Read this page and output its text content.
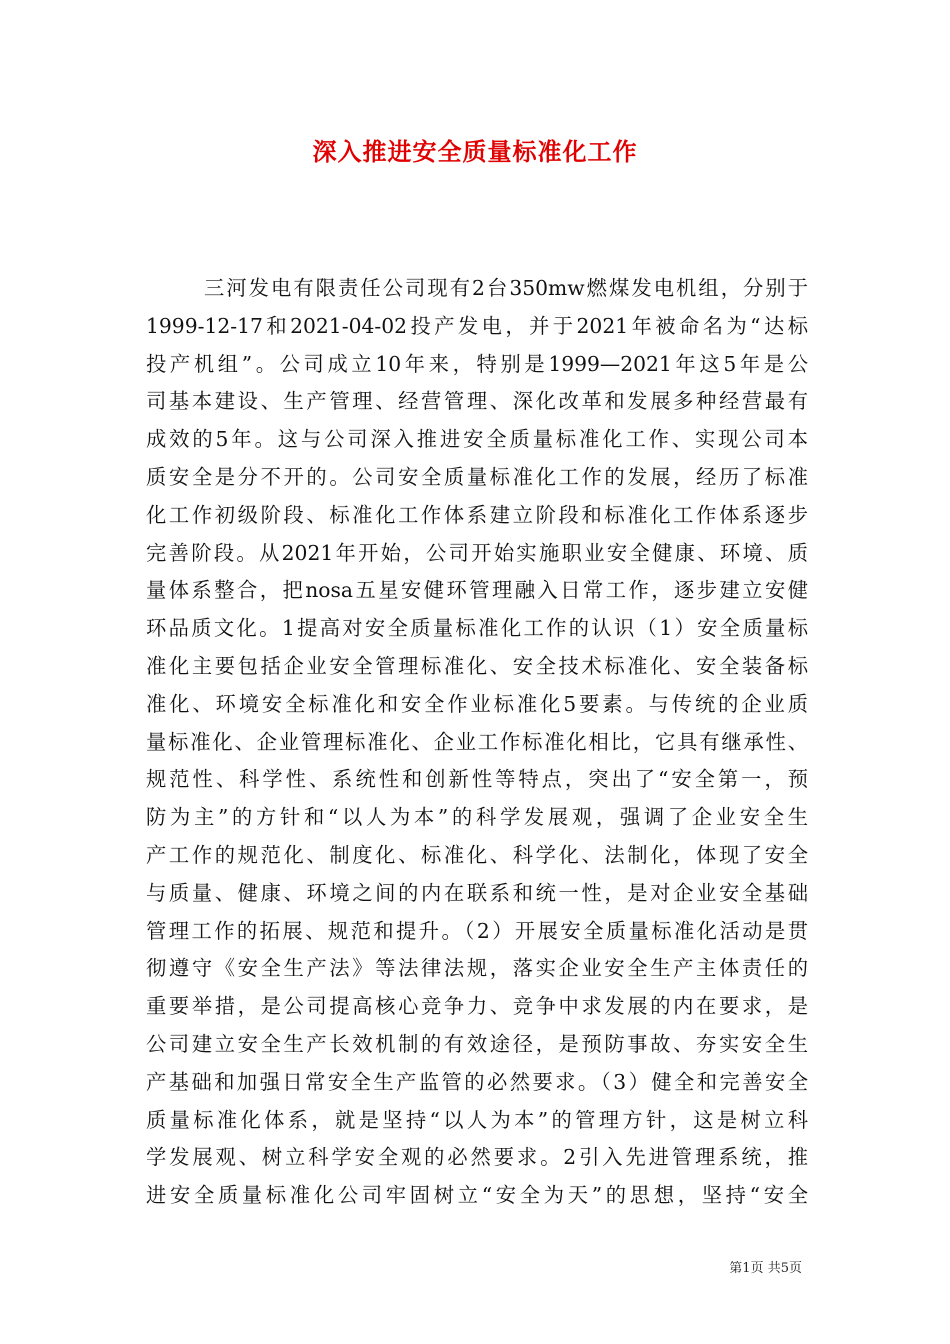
深入推进安全质量标准化工作
三河发电有限责任公司现有2台350mw燃煤发电机组，分别于
1999-12-17和2021-04-02投产发电，并于2021年被命名为“达标
投产机组”。公司成立10年来，特别是1999—2021年这5年是公
司基本建设、生产管理、经营管理、深化改革和发展多种经营最有
成效的5年。这与公司深入推进安全质量标准化工作、实现公司本
质安全是分不开的。公司安全质量标准化工作的发展，经历了标准
化工作初级阶段、标准化工作体系建立阶段和标准化工作体系逐步
完善阶段。从2021年开始，公司开始实施职业安全健康、环境、质
量体系整合，把nosa五星安健环管理融入日常工作，逐步建立安健
环品质文化。1提高对安全质量标准化工作的认识（1）安全质量标
准化主要包括企业安全管理标准化、安全技术标准化、安全装备标
准化、环境安全标准化和安全作业标准化5要素。与传统的企业质
量标准化、企业管理标准化、企业工作标准化相比，它具有继承性、
规范性、科学性、系统性和创新性等特点，突出了“安全第一，预
防为主”的方针和“以人为本”的科学发展观，强调了企业安全生
产工作的规范化、制度化、标准化、科学化、法制化，体现了安全
与质量、健康、环境之间的内在联系和统一性，是对企业安全基础
管理工作的拓展、规范和提升。（2）开展安全质量标准化活动是贯
彻遵守《安全生产法》等法律法规，落实企业安全生产主体责任的
重要举措，是公司提高核心竞争力、竞争中求发展的内在要求，是
公司建立安全生产长效机制的有效途径，是预防事故、夯实安全生
产基础和加强日常安全生产监管的必然要求。（3）健全和完善安全
质量标准化体系，就是坚持“以人为本”的管理方针，这是树立科
学发展观、树立科学安全观的必然要求。2引入先进管理系统，推
进安全质量标准化公司牢固树立“安全为天”的思想，坚持“安全
第1页 共5页
